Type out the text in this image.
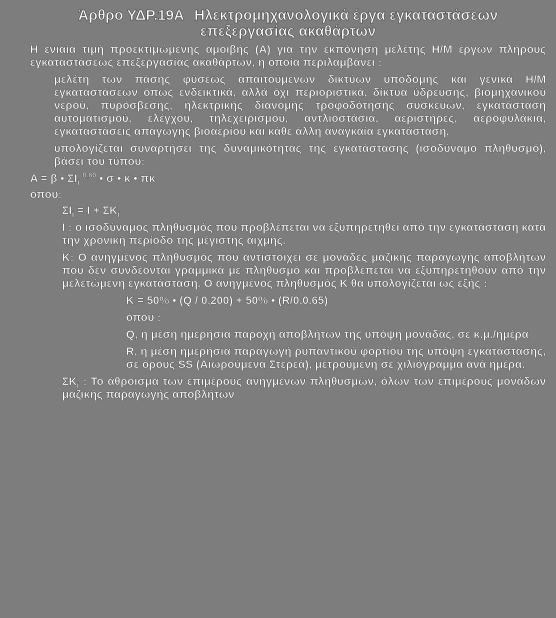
Άρθρο ΥΔΡ.19Α Ηλεκτρομηχανολογικά έργα εγκαταστάσεων
επεξεργασίας ακαθάρτων

Η ενιαία τιμή προεκτιμώμενης αμοιβής (Α) για την εκπόνηση μελέτης Η/Μ έργων πλήρους εγκαταστάσεως επεξεργασίας ακαθάρτων, η οποία περιλαμβάνει :

μελέτη των πάσης φύσεως απαιτούμενων δικτύων υποδομής και γενικά Η/Μ εγκαταστάσεων όπως ενδεικτικά, αλλά όχι περιοριστικά, δίκτυα ύδρευσης, βιομηχανικού νερού, πυρόσβεσης, ηλεκτρικής διανομής τροφοδότησης συσκευών, εγκατάσταση αυτοματισμού, ελέγχου, τηλεχειρισμού, αντλιοστάσια, αεριστήρες, αεροφυλάκια, εγκαταστάσεις απαγωγής βιοαερίου και κάθε άλλη αναγκαία εγκατάσταση,

υπολογίζεται συναρτήσει της δυναμικότητας της εγκατάστασης (ισοδύναμο πληθυσμό), βάσει του τύπου:

A = β • $\Sigma I_i$ $^{0,60}$ • σ • κ • πκ

όπου:

$\Sigma I_i = I + \Sigma K_i$

I : ο ισοδύναμος πληθυσμός που προβλέπεται να εξυπηρετηθεί από την εγκατάσταση κατά την χρονική περίοδο της μέγιστης αιχμής.

Κ: Ο ανηγμένος πληθυσμός που αντιστοιχεί σε μονάδες μαζικής παραγωγής αποβλήτων που δεν συνδέονται γραμμικά με πληθυσμό και προβλέπεται να εξυπηρετηθούν από την μελετώμενη εγκατάσταση. Ο ανηγμένος πληθυσμός Κ θα υπολογίζεται ως εξής :

K = 50% • (Q / 0,200) + 50% • (R/0,0.65)

όπου :

Q, η μέση ημερήσια παροχή αποβλήτων της υπόψη μονάδας, σε κ.μ./ημέρα

R, η μέση ημερήσια παραγωγή ρυπαντικού φορτίου της υπόψη εγκατάστασης, σε όρους SS (Αιωρούμενα Στερεά), μετρούμενη σε χιλιόγραμμα ανά ημέρα.

$\Sigma K_i$ : Το άθροισμα των επιμέρους ανηγμένων πληθυσμών, όλων των επιμέρους μονάδων μαζικής παραγωγής αποβλήτων
